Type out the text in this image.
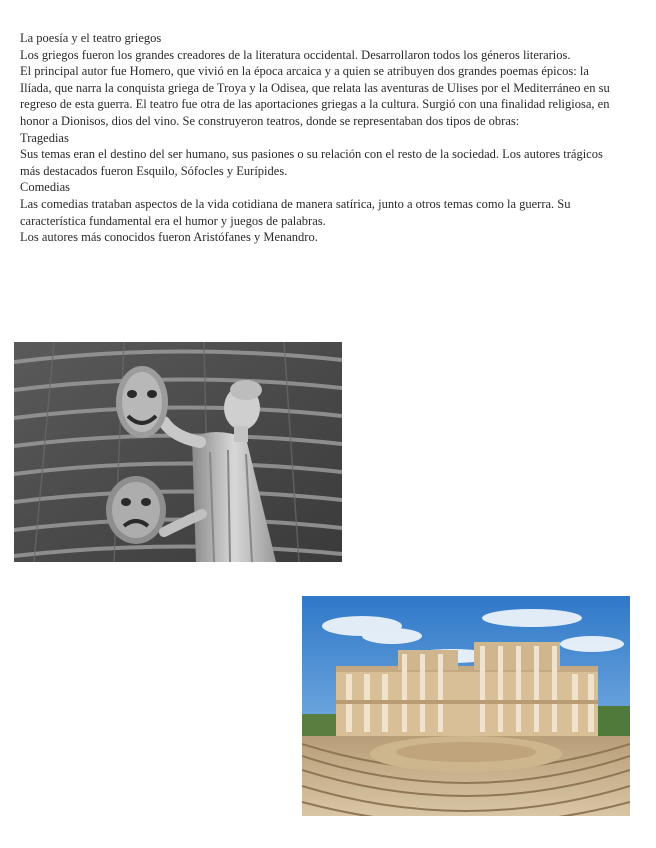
La poesía y el teatro griegos

Los griegos fueron los grandes creadores de la literatura occidental. Desarrollaron todos los géneros literarios.

El principal autor fue Homero, que vivió en la época arcaica y a quien se atribuyen dos grandes poemas épicos: la Ilíada, que narra la conquista griega de Troya y la Odisea, que relata las aventuras de Ulises por el Mediterráneo en su regreso de esta guerra. El teatro fue otra de las aportaciones griegas a la cultura. Surgió con una finalidad religiosa, en honor a Dionisos, dios del vino. Se construyeron teatros, donde se representaban dos tipos de obras:

Tragedias

Sus temas eran el destino del ser humano, sus pasiones o su relación con el resto de la sociedad. Los autores trágicos más destacados fueron Esquilo, Sófocles y Eurípides.

Comedias

Las comedias trataban aspectos de la vida cotidiana de manera satírica, junto a otros temas como la guerra. Su característica fundamental era el humor y juegos de palabras.

Los autores más conocidos fueron Aristófanes y Menandro.
